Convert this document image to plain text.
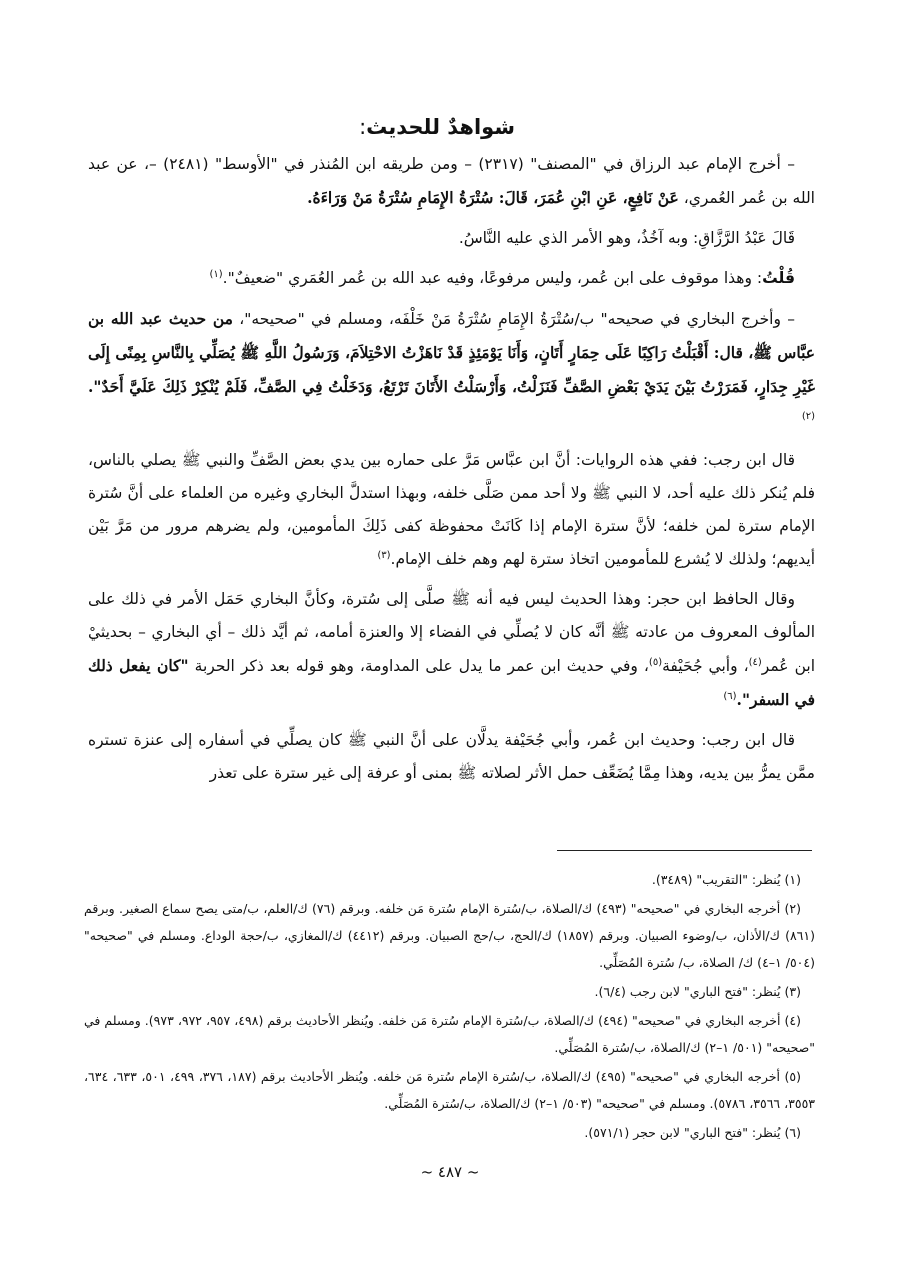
شواهدٌ للحديث:

– أخرج الإمام عبد الرزاق في "المصنف" (٢٣١٧) – ومن طريقه ابن المُنذر في "الأوسط" (٢٤٨١) –، عن عبد الله بن عُمر العُمري، عَنْ نَافِعٍ، عَنِ ابْنِ عُمَرَ، قَالَ: سُتْرَةُ الإِمَامِ سُتْرَةُ مَنْ وَرَاءَهُ.

قَالَ عَبْدُ الرَّزَّاقِ: وبه آخُذُ، وهو الأمر الذي عليه النَّاسُ.

قُلْتُ: وهذا موقوف على ابن عُمر، وليس مرفوعًا، وفيه عبد الله بن عُمر العُمَري "ضعيفٌ".$^{(١)}$

– وأخرج البخاري في صحيحه" ب/سُتْرَةُ الإِمَامِ سُتْرَةُ مَنْ خَلْفَه، ومسلم في "صحيحه"، من حديث عبد الله بن عبَّاس ﷺ، قال: أَقْبَلْتُ رَاكِبًا عَلَى حِمَارٍ أَتَانٍ، وَأَنَا يَوْمَئِذٍ قَدْ نَاهَزْتُ الاحْتِلاَمَ، وَرَسُولُ اللَّهِ ﷺ يُصَلِّي بِالنَّاسِ بِمِنًى إِلَى غَيْرِ جِدَارٍ، فَمَرَرْتُ بَيْنَ يَدَيْ بَعْضِ الصَّفِّ فَنَزَلْتُ، وَأَرْسَلْتُ الأَتَانَ تَرْتَعُ، وَدَخَلْتُ فِي الصَّفِّ، فَلَمْ يُنْكِرْ ذَلِكَ عَلَيَّ أَحَدٌ".$^{(٢)}$

قال ابن رجب: ففي هذه الروايات: أنَّ ابن عبَّاس مَرَّ على حماره بين يدي بعض الصَّفِّ والنبي ﷺ يصلي بالناس، فلم يُنكر ذلك عليه أحد، لا النبي ﷺ ولا أحد ممن صَلَّى خلفه، وبهذا استدلَّ البخاري وغيره من العلماء على أنَّ سُترة الإمام سترة لمن خلفه؛ لأنَّ سترة الإمام إذا كَانَتْ محفوظة كفى ذَلِكَ المأمومين، ولم يضرهم مرور من مَرَّ بَيْن أيديهم؛ ولذلك لا يُشرع للمأمومين اتخاذ سترة لهم وهم خلف الإمام.$^{(٣)}$

وقال الحافظ ابن حجر: وهذا الحديث ليس فيه أنه ﷺ صلَّى إلى سُترة، وكأنَّ البخاري حَمَل الأمر في ذلك على المألوف المعروف من عادته ﷺ أنَّه كان لا يُصلِّي في الفضاء إلا والعنزة أمامه، ثم أيَّد ذلك – أي البخاري – بحديثيْ ابن عُمر$^{(٤)}$، وأبي جُحَيْفة$^{(٥)}$، وفي حديث ابن عمر ما يدل على المداومة، وهو قوله بعد ذكر الحربة "كان يفعل ذلك في السفر".$^{(٦)}$

قال ابن رجب: وحديث ابن عُمر، وأبي جُحَيْفة يدلَّان على أنَّ النبي ﷺ كان يصلِّي في أسفاره إلى عنزة تستره ممَّن يمرُّ بين يديه، وهذا مِمَّا يُضَعِّف حمل الأثر لصلاته ﷺ بمنى أو عرفة إلى غير سترة على تعذر

(١) يُنظر: "التقريب" (٣٤٨٩).

(٢) أخرجه البخاري في "صحيحه" (٤٩٣) ك/الصلاة، ب/سُترة الإمام سُترة مَن خلفه. وبرقم (٧٦) ك/العلم، ب/متى يصح سماع الصغير. وبرقم (٨٦١) ك/الأذان، ب/وضوء الصبيان. وبرقم (١٨٥٧) ك/الحج، ب/حج الصبيان. وبرقم (٤٤١٢) ك/المغازي، ب/حجة الوداع. ومسلم في "صحيحه" (٥٠٤/ ١–٤) ك/ الصلاة، ب/ سُترة المُصَلِّي.

(٣) يُنظر: "فتح الباري" لابن رجب (٦/٤).

(٤) أخرجه البخاري في "صحيحه" (٤٩٤) ك/الصلاة، ب/سُترة الإمام سُترة مَن خلفه. ويُنظر الأحاديث برقم (٤٩٨، ٩٥٧، ٩٧٢، ٩٧٣). ومسلم في "صحيحه" (٥٠١/ ١–٢) ك/الصلاة، ب/سُترة المُصَلِّي.

(٥) أخرجه البخاري في "صحيحه" (٤٩٥) ك/الصلاة، ب/سُترة الإمام سُترة مَن خلفه. ويُنظر الأحاديث برقم (١٨٧، ٣٧٦، ٤٩٩، ٥٠١، ٦٣٣، ٦٣٤، ٣٥٥٣، ٣٥٦٦، ٥٧٨٦). ومسلم في "صحيحه" (٥٠٣/ ١–٢) ك/الصلاة، ب/سُترة المُصَلِّي.

(٦) يُنظر: "فتح الباري" لابن حجر (٥٧١/١).

~ ٤٨٧ ~
